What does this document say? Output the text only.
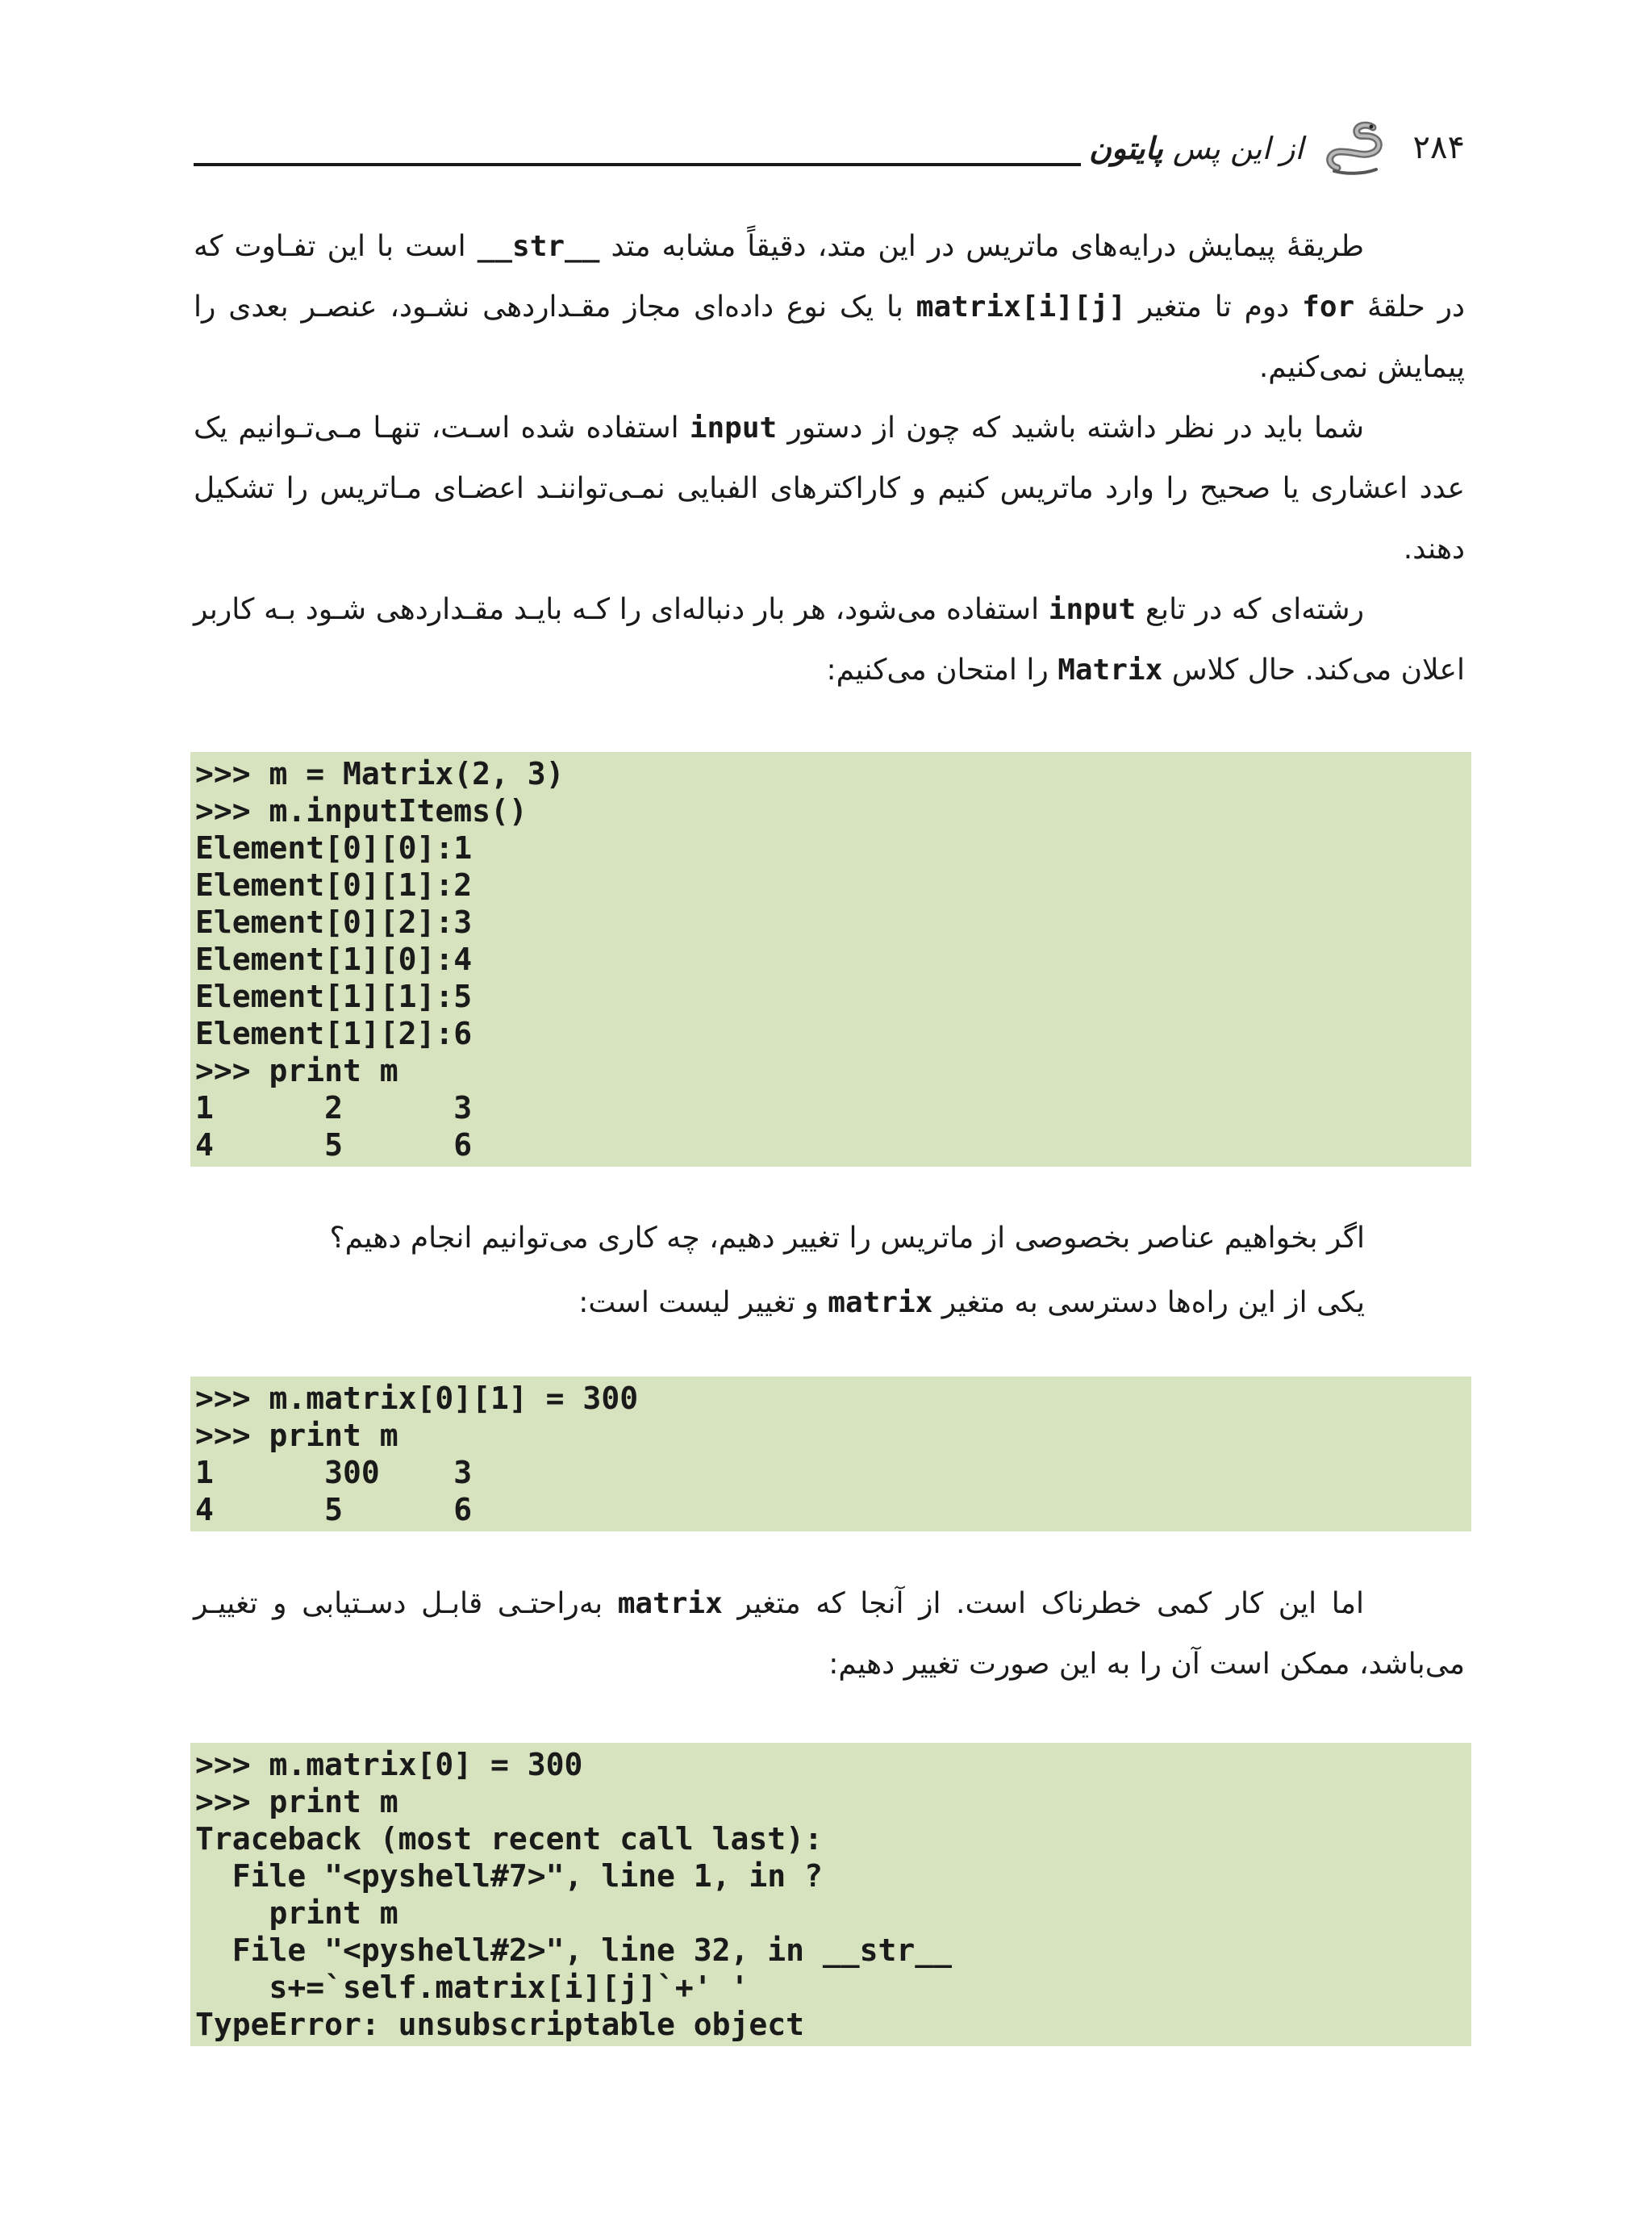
از این پس پایتون	۲۸۴

طریقهٔ پیمایش درایه‌های ماتریس در این متد، دقیقاً مشابه متد __str__ است با این تفـاوت که در حلقهٔ for دوم تا متغیر matrix[i][j] با یک نوع داده‌ای مجاز مقـداردهی نشـود، عنصـر بعدی را پیمایش نمی‌کنیم.

شما باید در نظر داشته باشید که چون از دستور input استفاده شده اسـت، تنهـا مـی‌تـوانیم یک عدد اعشاری یا صحیح را وارد ماتریس کنیم و کاراکترهای الفبایی نمـی‌تواننـد اعضـای مـاتریس را تشکیل دهند.

رشته‌ای که در تابع input استفاده می‌شود، هر بار دنباله‌ای را کـه بایـد مقـداردهی شـود بـه کاربر اعلان می‌کند. حال کلاس Matrix را امتحان می‌کنیم:

>>> m = Matrix(2, 3)
>>> m.inputItems()
Element[0][0]:1
Element[0][1]:2
Element[0][2]:3
Element[1][0]:4
Element[1][1]:5
Element[1][2]:6
>>> print m
1      2      3
4      5      6

اگر بخواهیم عناصر بخصوصی از ماتریس را تغییر دهیم، چه کاری می‌توانیم انجام دهیم؟

یکی از این راه‌ها دسترسی به متغیر matrix و تغییر لیست است:

>>> m.matrix[0][1] = 300
>>> print m
1      300    3
4      5      6

اما این کار کمی خطرناک است. از آنجا که متغیر matrix به‌راحتـی قابـل دسـتیابی و تغییـر می‌باشد، ممکن است آن را به این صورت تغییر دهیم:

>>> m.matrix[0] = 300
>>> print m
Traceback (most recent call last):
File "<pyshell#7>", line 1, in ?
print m
File "<pyshell#2>", line 32, in __str__
s+=`self.matrix[i][j]`+' '
TypeError: unsubscriptable object
